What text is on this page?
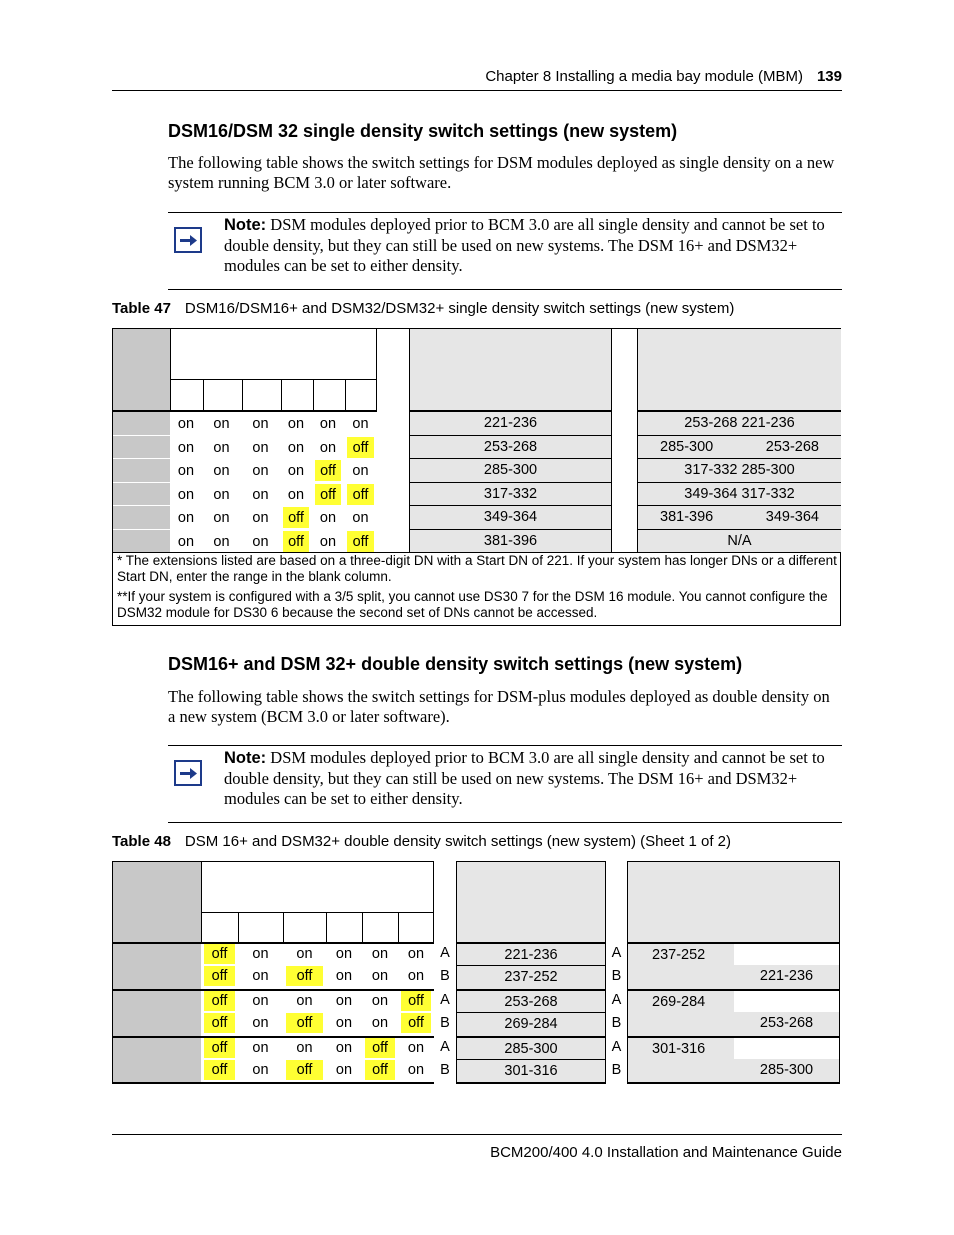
Chapter 8 Installing a media bay module (MBM) 139
DSM16/DSM 32 single density switch settings (new system)
The following table shows the switch settings for DSM modules deployed as single density on a new system running BCM 3.0 or later software.
Note: DSM modules deployed prior to BCM 3.0 are all single density and cannot be set to double density, but they can still be used on new systems. The DSM 16+ and DSM32+ modules can be set to either density.
Table 47 DSM16/DSM16+ and DSM32/DSM32+ single density switch settings (new system)
on	on	on	on	on	on	221-236	253-268 221-236
on	on	on	on	on	off	253-268	285-300	253-268
on	on	on	on	off	on	285-300	317-332 285-300
on	on	on	on	off	off	317-332	349-364 317-332
on	on	on	off	on	on	349-364	381-396	349-364
on	on	on	off	on	off	381-396	N/A
* The extensions listed are based on a three-digit DN with a Start DN of 221. If your system has longer DNs or a different Start DN, enter the range in the blank column.
**If your system is configured with a 3/5 split, you cannot use DS30 7 for the DSM 16 module. You cannot configure the DSM32 module for DS30 6 because the second set of DNs cannot be accessed.
DSM16+ and DSM 32+ double density switch settings (new system)
The following table shows the switch settings for DSM-plus modules deployed as double density on a new system (BCM 3.0 or later software).
Note: DSM modules deployed prior to BCM 3.0 are all single density and cannot be set to double density, but they can still be used on new systems. The DSM 16+ and DSM32+ modules can be set to either density.
Table 48 DSM 16+ and DSM32+ double density switch settings (new system) (Sheet 1 of 2)
off	on	on	on	on	on	A	221-236	A	237-252
off	on	off	on	on	on	B	237-252	B	221-236
off	on	on	on	on	off	A	253-268	A	269-284
off	on	off	on	on	off	B	269-284	B	253-268
off	on	on	on	off	on	A	285-300	A	301-316
off	on	off	on	off	on	B	301-316	B	285-300
BCM200/400 4.0 Installation and Maintenance Guide
